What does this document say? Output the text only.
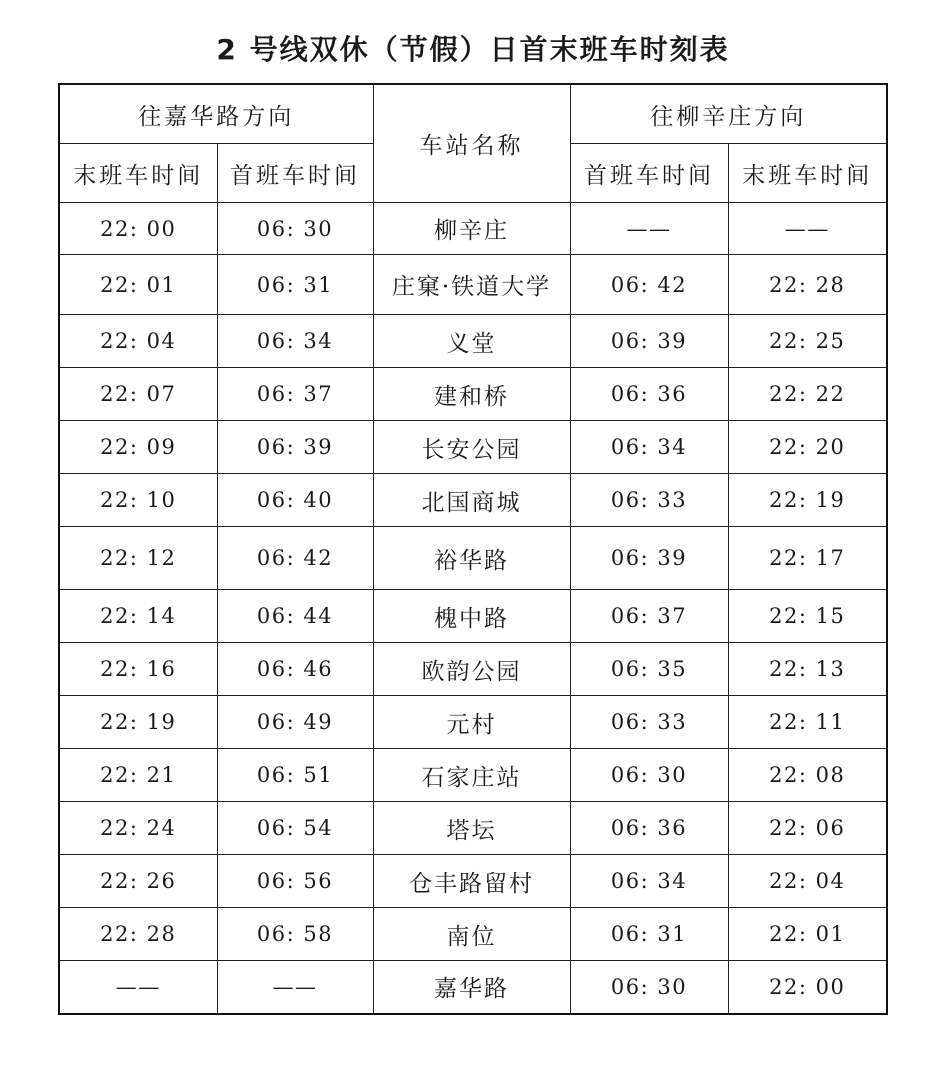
2 号线双休（节假）日首末班车时刻表
往嘉华路方向		车站名称	往柳辛庄方向	
末班车时间	首班车时间		首班车时间	末班车时间
22: 00	06: 30	柳辛庄	——	——
22: 01	06: 31	庄窠·铁道大学	06: 42	22: 28
22: 04	06: 34	义堂	06: 39	22: 25
22: 07	06: 37	建和桥	06: 36	22: 22
22: 09	06: 39	长安公园	06: 34	22: 20
22: 10	06: 40	北国商城	06: 33	22: 19
22: 12	06: 42	裕华路	06: 39	22: 17
22: 14	06: 44	槐中路	06: 37	22: 15
22: 16	06: 46	欧韵公园	06: 35	22: 13
22: 19	06: 49	元村	06: 33	22: 11
22: 21	06: 51	石家庄站	06: 30	22: 08
22: 24	06: 54	塔坛	06: 36	22: 06
22: 26	06: 56	仓丰路留村	06: 34	22: 04
22: 28	06: 58	南位	06: 31	22: 01
——	——	嘉华路	06: 30	22: 00
